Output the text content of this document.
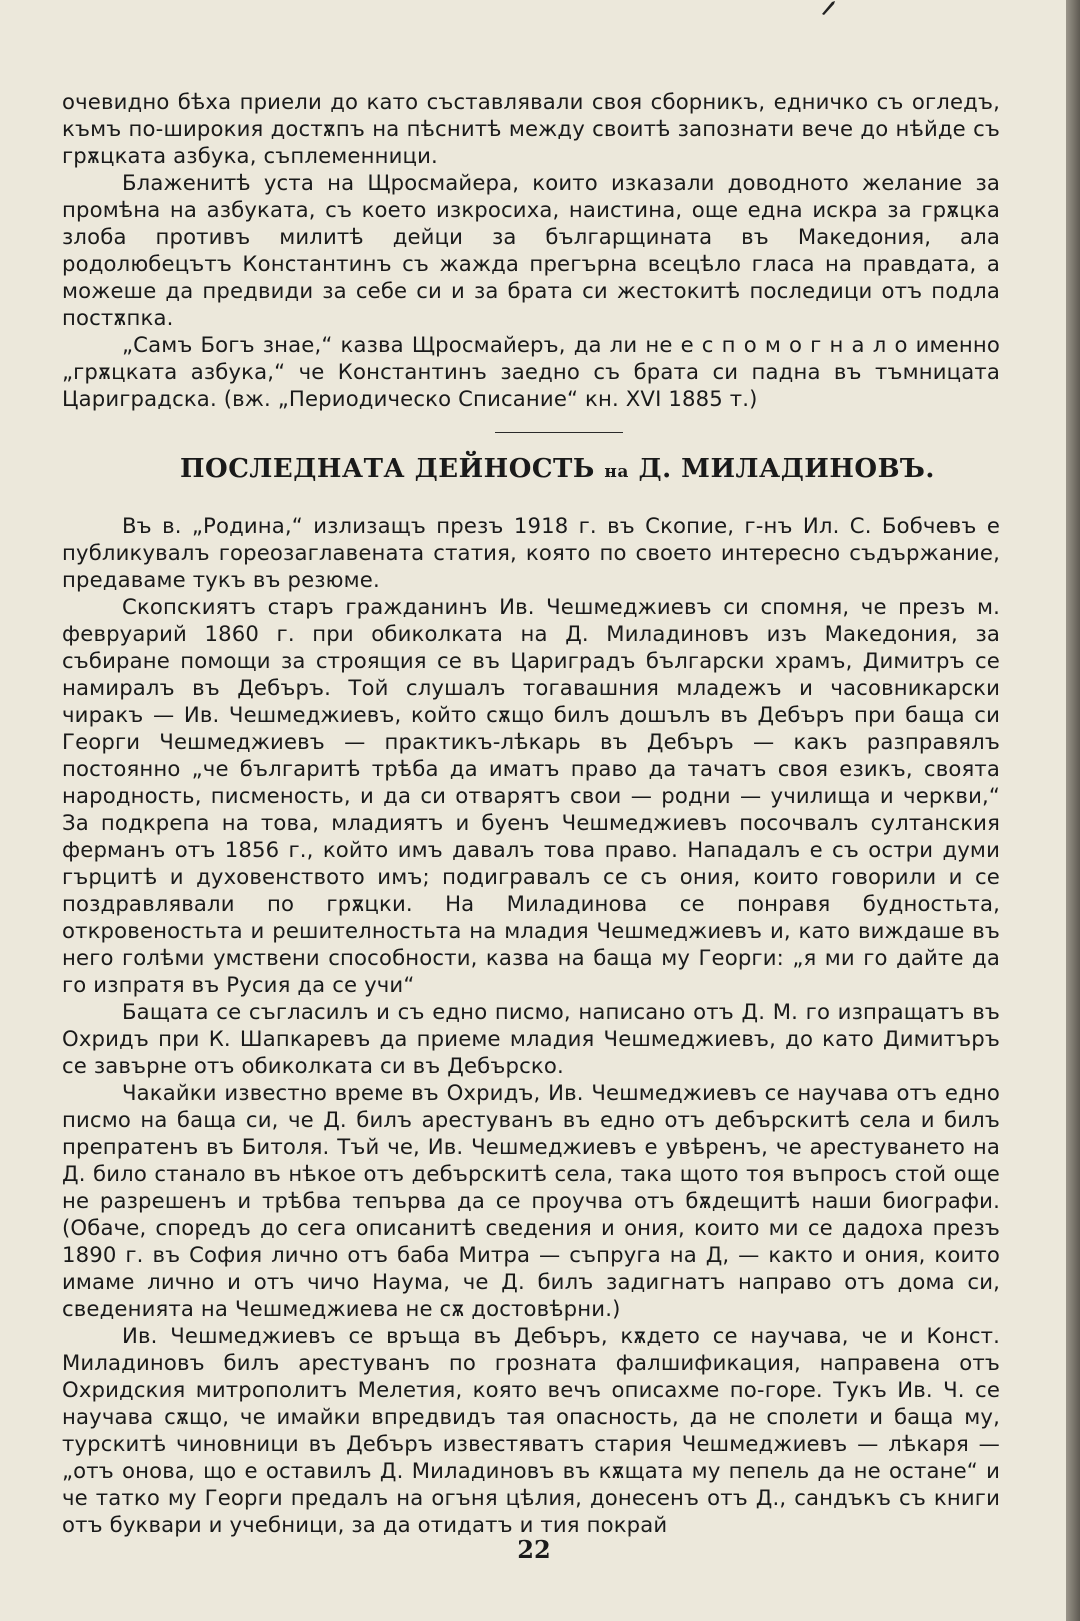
очевидно бѣха приели до като съставлявали своя сборникъ, едничко съ огледъ, къмъ по-широкия достѫпъ на пѣснитѣ между своитѣ запознати вече до нѣйде съ грѫцката азбука, съплеменници.

Блаженитѣ уста на Щросмайера, които изказали доводното желание за промѣна на азбуката, съ което изкросиха, наистина, още една искра за грѫцка злоба противъ милитѣ дейци за българщината въ Македония, ала родолюбецътъ Константинъ съ жажда прегърна всецѣло гласа на правдата, а можеше да предвиди за себе си и за брата си жестокитѣ последици отъ подла постѫпка.

„Самъ Богъ знае,“ казва Щросмайеръ, да ли не е с п о м о г н а л о именно „грѫцката азбука,“ че Константинъ заедно съ брата си падна въ тъмницата Цариградска. (вж. „Периодическо Списание“ кн. XVI 1885 т.)

ПОСЛЕДНАТА ДЕЙНОСТЬ на Д. МИЛАДИНОВЪ.

Въ в. „Родина,“ излизащъ презъ 1918 г. въ Скопие, г-нъ Ил. С. Бобчевъ е публикувалъ гореозаглавената статия, която по своето интересно съдържание, предаваме тукъ въ резюме.

Скопскиятъ старъ гражданинъ Ив. Чешмеджиевъ си спомня, че презъ м. февруарий 1860 г. при обиколката на Д. Миладиновъ изъ Македония, за събиране помощи за строящия се въ Цариградъ български храмъ, Димитръ се намиралъ въ Дебъръ. Той слушалъ тогавашния младежъ и часовникарски чиракъ — Ив. Чешмеджиевъ, който сѫщо билъ дошълъ въ Дебъръ при баща си Георги Чешмеджиевъ — практикъ-лѣкарь въ Дебъръ — какъ разправялъ постоянно „че българитѣ трѣба да иматъ право да тачатъ своя езикъ, своята народность, писменость, и да си отварятъ свои — родни — училища и черкви,“ За подкрепа на това, младиятъ и буенъ Чешмеджиевъ посочвалъ султанския ферманъ отъ 1856 г., който имъ давалъ това право. Нападалъ е съ остри думи гърцитѣ и духовенството имъ; подигравалъ се съ ония, които говорили и се поздравлявали по грѫцки. На Миладинова се понравя будностьта, откровеностьта и решителностьта на младия Чешмеджиевъ и, като виждаше въ него голѣми умствени способности, казва на баща му Георги: „я ми го дайте да го изпратя въ Русия да се учи“

Бащата се съгласилъ и съ едно писмо, написано отъ Д. М. го изпращатъ въ Охридъ при К. Шапкаревъ да приеме младия Чешмеджиевъ, до като Димитъръ се завърне отъ обиколката си въ Дебърско.

Чакайки известно време въ Охридъ, Ив. Чешмеджиевъ се научава отъ едно писмо на баща си, че Д. билъ арестуванъ въ едно отъ дебърскитѣ села и билъ препратенъ въ Битоля. Тъй че, Ив. Чешмеджиевъ е увѣренъ, че арестуването на Д. било станало въ нѣкое отъ дебърскитѣ села, така щото тоя въпросъ стой още не разрешенъ и трѣбва тепърва да се проучва отъ бѫдещитѣ наши биографи. (Обаче, споредъ до сега описанитѣ сведения и ония, които ми се дадоха презъ 1890 г. въ София лично отъ баба Митра — съпруга на Д, — както и ония, които имаме лично и отъ чичо Наума, че Д. билъ задигнатъ направо отъ дома си, сведенията на Чешмеджиева не сѫ достовѣрни.)

Ив. Чешмеджиевъ се връща въ Дебъръ, кѫдето се научава, че и Конст. Миладиновъ билъ арестуванъ по грозната фалшификация, направена отъ Охридския митрополитъ Мелетия, която вечъ описахме по-горе. Тукъ Ив. Ч. се научава сѫщо, че имайки впредвидъ тая опасность, да не сполети и баща му, турскитѣ чиновници въ Дебъръ известяватъ стария Чешмеджиевъ — лѣкаря — „отъ онова, що е оставилъ Д. Миладиновъ въ кѫщата му пепель да не остане“ и че татко му Георги предалъ на огъня цѣлия, донесенъ отъ Д., сандъкъ съ книги отъ буквари и учебници, за да отидатъ и тия покрай

22
